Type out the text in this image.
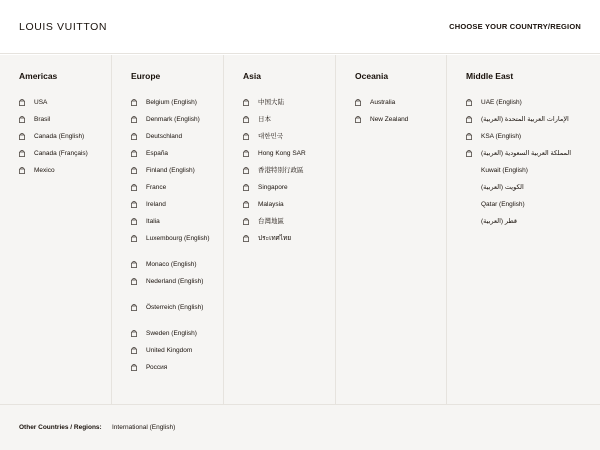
LOUIS VUITTON	CHOOSE YOUR COUNTRY/REGION
Americas
USA
Brasil
Canada (English)
Canada (Français)
Mexico
Europe
Belgium (English)
Denmark (English)
Deutschland
España
Finland (English)
France
Ireland
Italia
Luxembourg (English)
Monaco (English)
Nederland (English)
Österreich (English)
Sweden (English)
United Kingdom
Россия
Asia
中国大陆
日本
대한민국
Hong Kong SAR
香港特別行政區
Singapore
Malaysia
台灣地區
ประเทศไทย
Oceania
Australia
New Zealand
Middle East
UAE (English)
الإمارات العربية المتحدة (العربية)
KSA (English)
المملكة العربية السعودية (العربية)
Kuwait (English)
الكويت (العربية)
Qatar (English)
قطر (العربية)
Other Countries / Regions: International (English)
